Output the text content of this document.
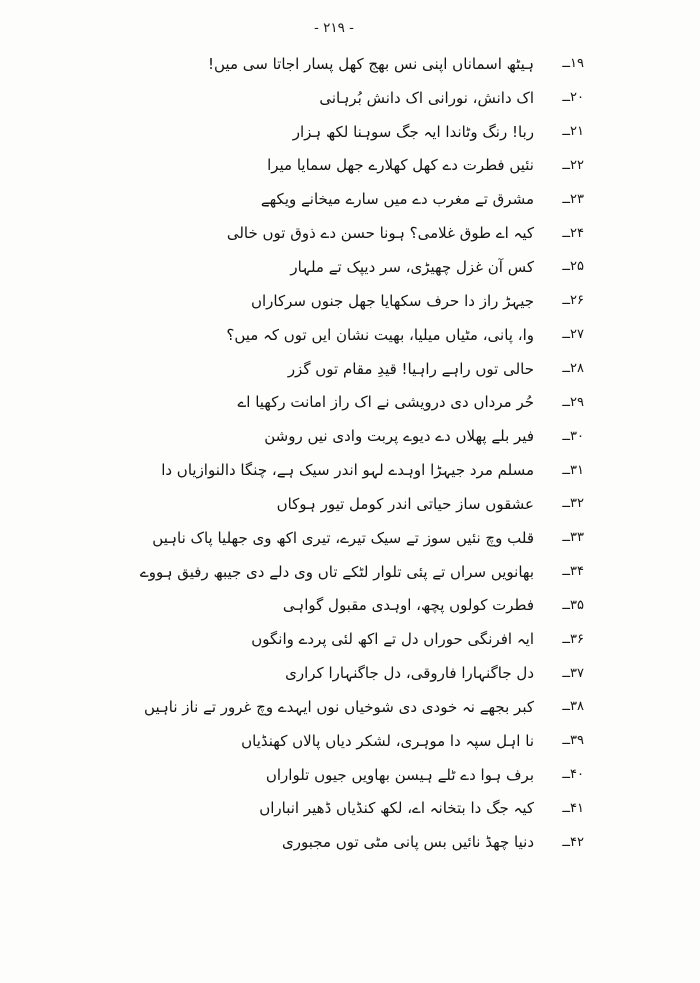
- ۲۱۹ -
۱۹ــ
ہیٹھ اسماناں اپنی نس بھج کھل پسار اجاتا سی میں!
۲۰ــ
اک دانش، نورانی اک دانش بُرہانی
۲۱ــ
ربا! رنگ وٹاندا ایہ جگ سوہنا لکھ ہزار
۲۲ــ
نئیں فطرت دے کھل کھلارے جھل سمایا میرا
۲۳ــ
مشرق تے مغرب دے میں سارے میخانے ویکھے
۲۴ــ
کیہ اے طوق غلامی؟ ہونا حسن دے ذوق توں خالی
۲۵ــ
کس آن غزل چھیڑی، سر دیپک تے ملہار
۲۶ــ
جیہڑ راز دا حرف سکھایا جھل جنوں سرکاراں
۲۷ــ
وا، پانی، مٹیاں میلیا، بھیت نشان ایں توں کہ میں؟
۲۸ــ
حالی توں راہے راہیا! قیدِ مقام توں گزر
۲۹ــ
حُر مرداں دی درویشی نے اک راز امانت رکھیا اے
۳۰ــ
فیر بلے پھلاں دے دیوے پربت وادی نیں روشن
۳۱ــ
مسلم مرد جیہڑا اوہدے لہو اندر سیک ہے، چنگا دالنوازیاں دا
۳۲ــ
عشقوں ساز حیاتی اندر کومل تیور ہوکاں
۳۳ــ
قلب وچ نئیں سوز تے سیک تیرے، تیری اکھ وی جھلیا پاک ناہیں
۳۴ــ
بھانویں سراں تے پئی تلوار لٹکے تاں وی دلے دی جیبھ رفیق ہووے
۳۵ــ
فطرت کولوں پچھ، اوہدی مقبول گواہی
۳۶ــ
ایہ افرنگی حوراں دل تے اکھ لئی پردے وانگوں
۳۷ــ
دل جاگنہارا فاروقی، دل جاگنہارا کراری
۳۸ــ
کبر بجھے نہ خودی دی شوخیاں نوں ایہدے وچ غرور تے ناز ناہیں
۳۹ــ
نا اہل سپہ دا موہری، لشکر دیاں پالاں کھنڈیاں
۴۰ــ
برف ہوا دے ٹلے ہیسن بھاویں جیوں تلواراں
۴۱ــ
کیہ جگ دا بتخانہ اے، لکھ کنڈیاں ڈھیر انباراں
۴۲ــ
دنیا چھڈ نائیں بس پانی مٹی توں مجبوری
